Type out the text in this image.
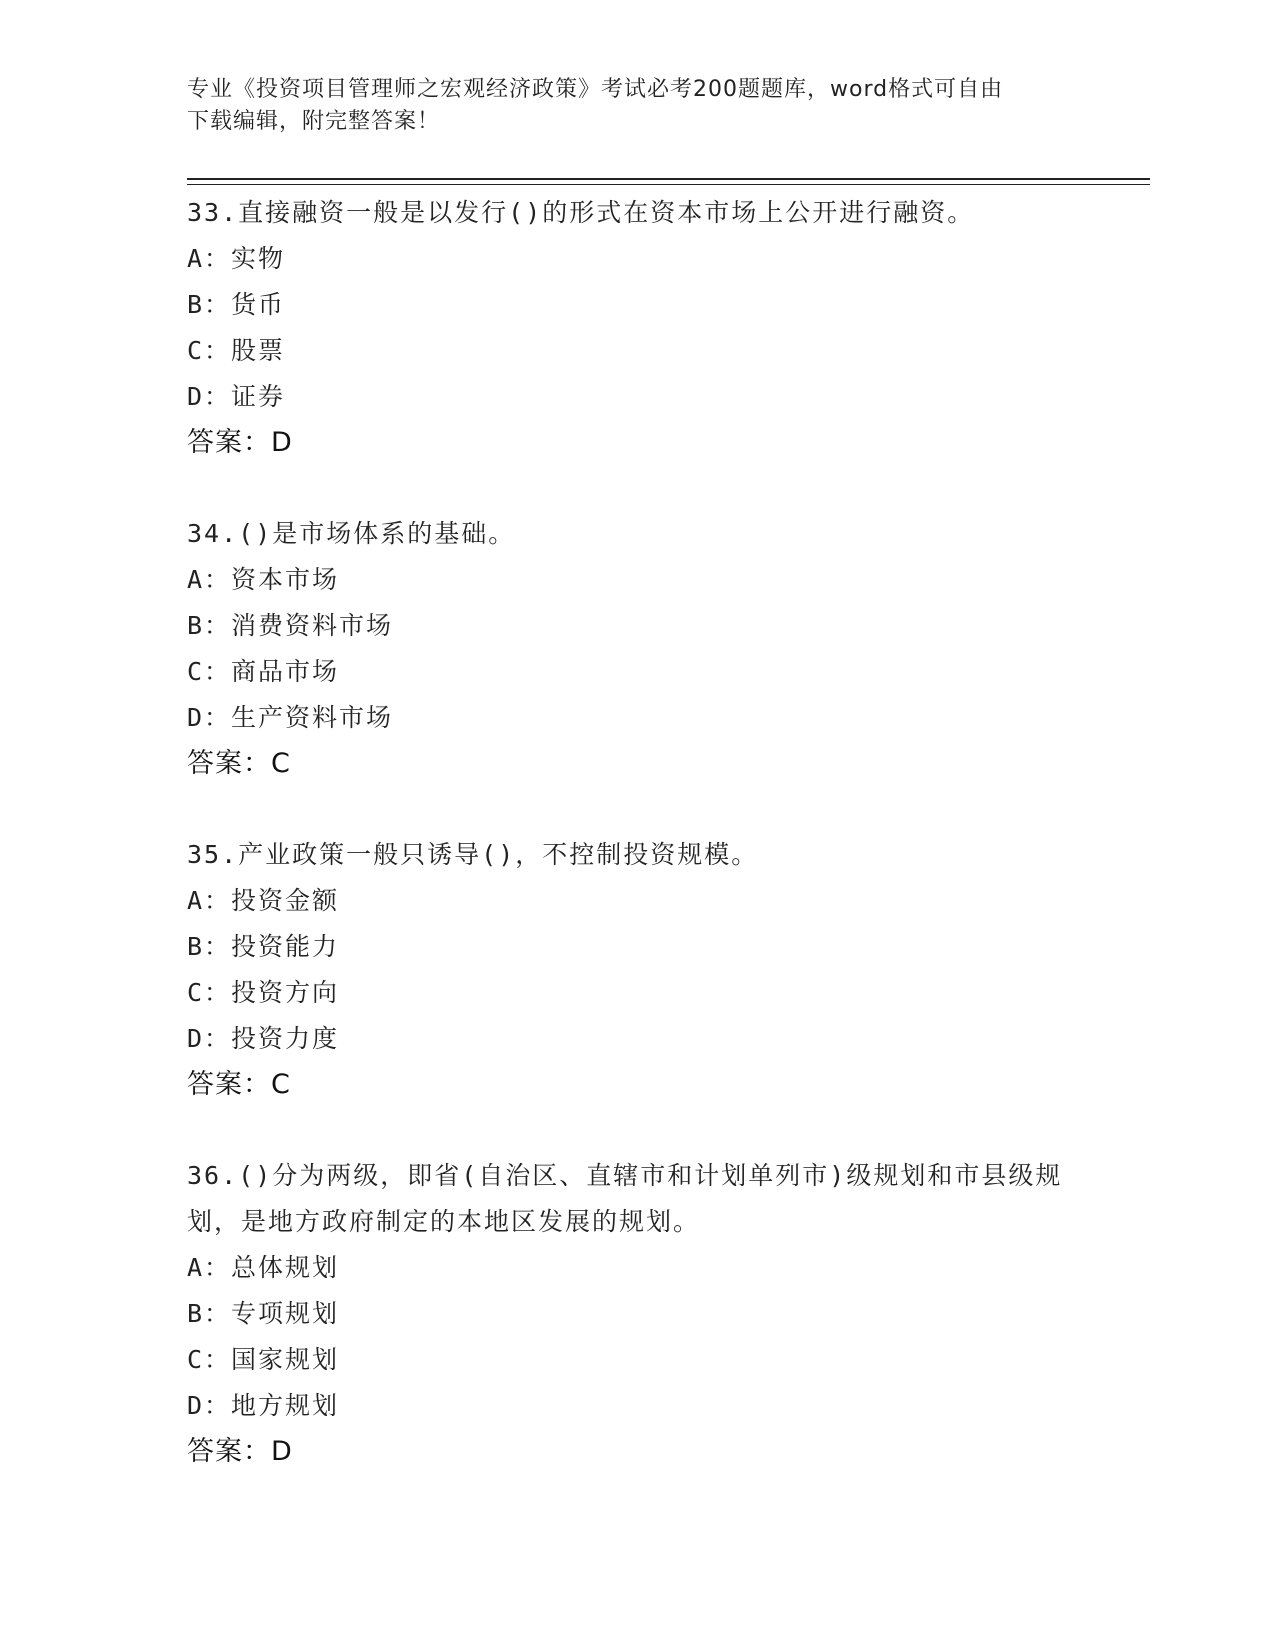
专业《投资项目管理师之宏观经济政策》考试必考200题题库，word格式可自由
下载编辑，附完整答案！
33.直接融资一般是以发行()的形式在资本市场上公开进行融资。
A：实物
B：货币
C：股票
D：证券
答案：D
34.()是市场体系的基础。
A：资本市场
B：消费资料市场
C：商品市场
D：生产资料市场
答案：C
35.产业政策一般只诱导()，不控制投资规模。
A：投资金额
B：投资能力
C：投资方向
D：投资力度
答案：C
36.()分为两级，即省(自治区、直辖市和计划单列市)级规划和市县级规划，是地方政府制定的本地区发展的规划。
A：总体规划
B：专项规划
C：国家规划
D：地方规划
答案：D
